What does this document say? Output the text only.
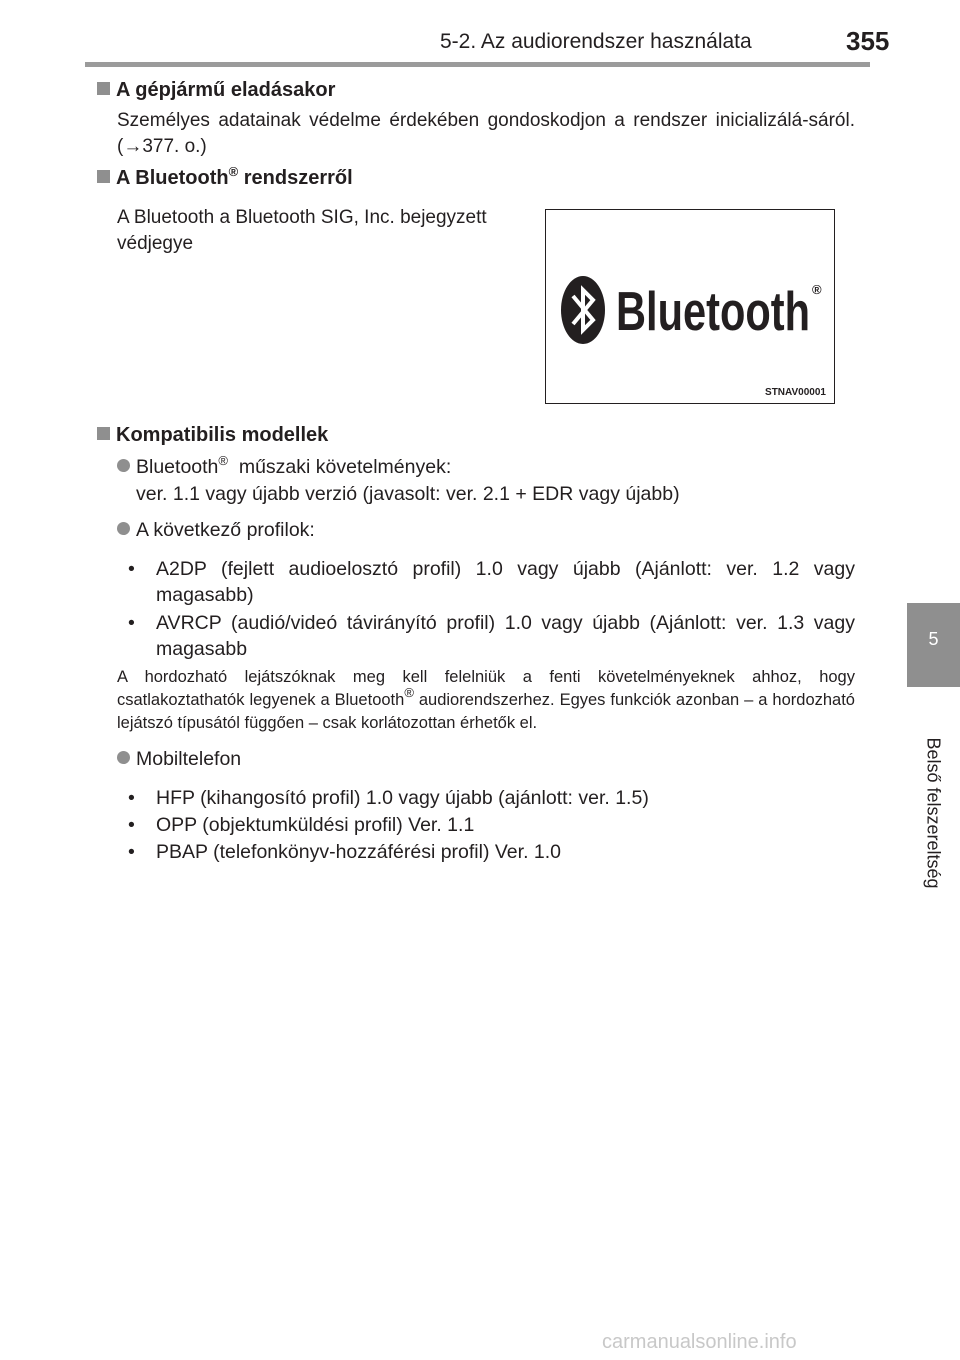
5-2. Az audiorendszer használata	355
5
Belső felszereltség
A gépjármű eladásakor
Személyes adatainak védelme érdekében gondoskodjon a rendszer inicializálá-sáról. (→377. o.)
A Bluetooth® rendszerről
A Bluetooth a Bluetooth SIG, Inc. bejegyzett védjegye
Bluetooth ®
STNAV00001
Kompatibilis modellek
Bluetooth®  műszaki követelmények:
ver. 1.1 vagy újabb verzió (javasolt: ver. 2.1 + EDR vagy újabb)
A következő profilok:
• A2DP (fejlett audioelosztó profil) 1.0 vagy újabb (Ajánlott: ver. 1.2 vagy magasabb)
• AVRCP (audió/videó távirányító profil) 1.0 vagy újabb (Ajánlott: ver. 1.3 vagy magasabb
A hordozható lejátszóknak meg kell felelniük a fenti követelményeknek ahhoz, hogy csatlakoztathatók legyenek a Bluetooth® audiorendszerhez. Egyes funkciók azonban – a hordozható lejátszó típusától függően – csak korlátozottan érhetők el.
Mobiltelefon
• HFP (kihangosító profil) 1.0 vagy újabb (ajánlott: ver. 1.5)
• OPP (objektumküldési profil) Ver. 1.1
• PBAP (telefonkönyv-hozzáférési profil) Ver. 1.0
carmanualsonline.info
